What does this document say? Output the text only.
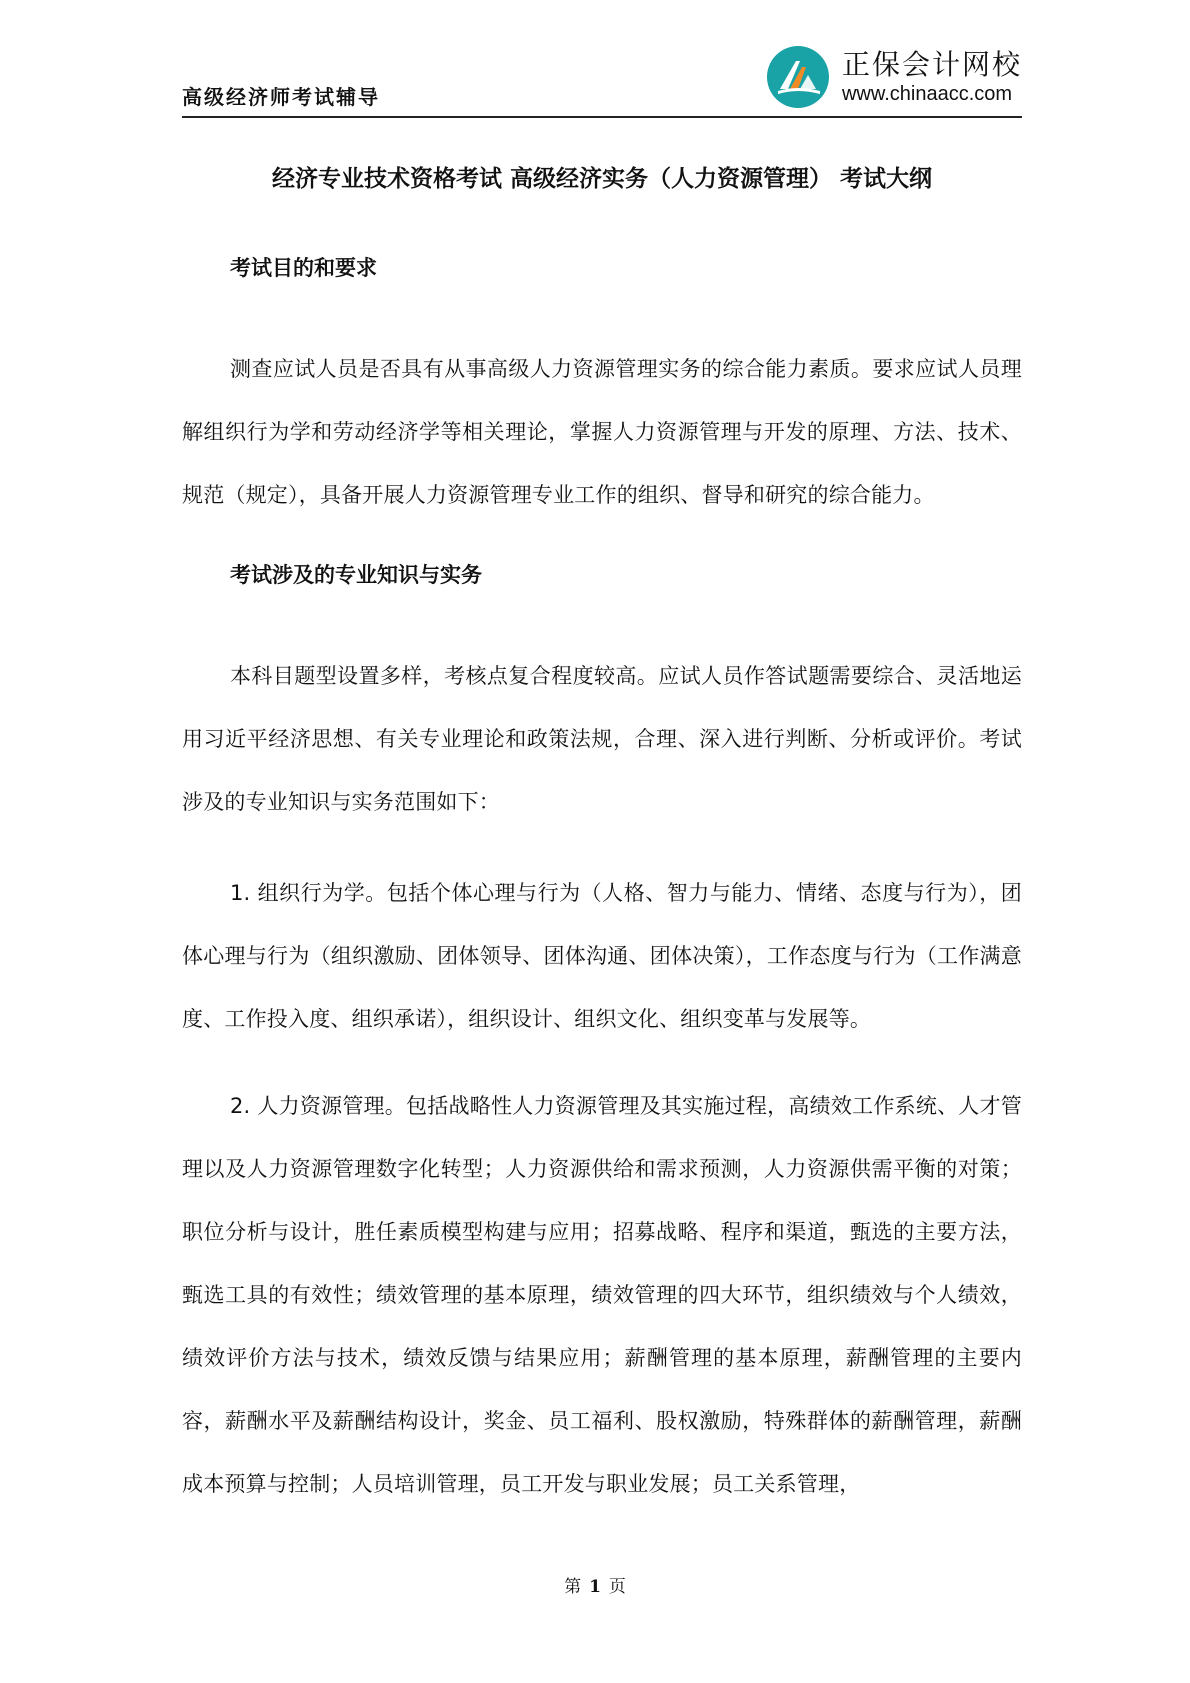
高级经济师考试辅导
正保会计网校
www.chinaacc.com
经济专业技术资格考试 高级经济实务（人力资源管理） 考试大纲

考试目的和要求

测查应试人员是否具有从事高级人力资源管理实务的综合能力素质。要求应试人员理解组织行为学和劳动经济学等相关理论，掌握人力资源管理与开发的原理、方法、技术、规范（规定），具备开展人力资源管理专业工作的组织、督导和研究的综合能力。

考试涉及的专业知识与实务

本科目题型设置多样，考核点复合程度较高。应试人员作答试题需要综合、灵活地运用习近平经济思想、有关专业理论和政策法规，合理、深入进行判断、分析或评价。考试涉及的专业知识与实务范围如下：

1. 组织行为学。包括个体心理与行为（人格、智力与能力、情绪、态度与行为），团体心理与行为（组织激励、团体领导、团体沟通、团体决策），工作态度与行为（工作满意度、工作投入度、组织承诺），组织设计、组织文化、组织变革与发展等。

2. 人力资源管理。包括战略性人力资源管理及其实施过程，高绩效工作系统、人才管理以及人力资源管理数字化转型；人力资源供给和需求预测，人力资源供需平衡的对策；职位分析与设计，胜任素质模型构建与应用；招募战略、程序和渠道，甄选的主要方法，甄选工具的有效性；绩效管理的基本原理，绩效管理的四大环节，组织绩效与个人绩效，绩效评价方法与技术，绩效反馈与结果应用；薪酬管理的基本原理，薪酬管理的主要内容，薪酬水平及薪酬结构设计，奖金、员工福利、股权激励，特殊群体的薪酬管理，薪酬成本预算与控制；人员培训管理，员工开发与职业发展；员工关系管理，

第 1 页
